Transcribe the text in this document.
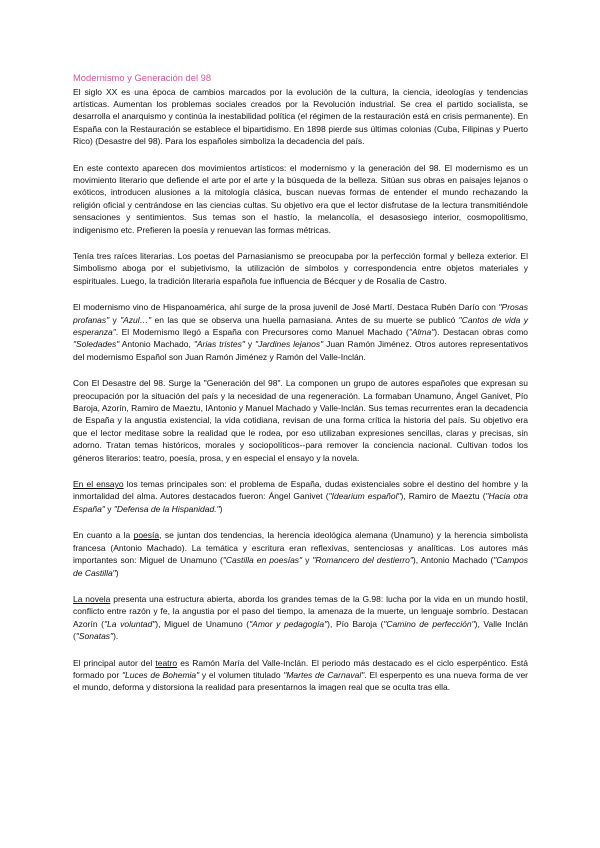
Modernismo y Generación del 98

El siglo XX es una época de cambios marcados por la evolución de la cultura, la ciencia, ideologías y tendencias artísticas. Aumentan los problemas sociales creados por la Revolución industrial. Se crea el partido socialista, se desarrolla el anarquismo y continúa la inestabilidad política (el régimen de la restauración está en crisis permanente). En España con la Restauración se establece el bipartidismo. En 1898 pierde sus últimas colonias (Cuba, Filipinas y Puerto Rico) (Desastre del 98). Para los españoles simboliza la decadencia del país.

En este contexto aparecen dos movimientos artísticos: el modernismo y la generación del 98. El modernismo es un movimiento literario que defiende el arte por el arte y la búsqueda de la belleza. Sitúan sus obras en paisajes lejanos o exóticos, introducen alusiones a la mitología clásica, buscan nuevas formas de entender el mundo rechazando la religión oficial y centrándose en las ciencias cultas. Su objetivo era que el lector disfrutase de la lectura transmitiéndole sensaciones y sentimientos. Sus temas son el hastío, la melancolía, el desasosiego interior, cosmopolitismo, indigenismo etc. Prefieren la poesía y renuevan las formas métricas.

Tenía tres raíces literarias. Los poetas del Parnasianismo se preocupaba por la perfección formal y belleza exterior. El Simbolismo aboga por el subjetivismo, la utilización de símbolos y correspondencia entre objetos materiales y espirituales. Luego, la tradición literaria española fue influencia de Bécquer y de Rosalía de Castro.

El modernismo vino de Hispanoamérica, ahí surge de la prosa juvenil de José Martí. Destaca Rubén Darío con "Prosas profanas" y "Azul…" en las que se observa una huella parnasiana. Antes de su muerte se publicó "Cantos de vida y esperanza". El Modernismo llegó a España con Precursores como Manuel Machado ("Alma"). Destacan obras como "Soledades" Antonio Machado, "Arias tristes" y "Jardines lejanos" Juan Ramón Jiménez. Otros autores representativos del modernismo Español son Juan Ramón Jiménez y Ramón del Valle-Inclán.

Con El Desastre del 98. Surge la "Generación del 98". La componen un grupo de autores españoles que expresan su preocupación por la situación del país y la necesidad de una regeneración. La formaban Unamuno, Ángel Ganivet, Pío Baroja, Azorín, Ramiro de Maeztu, IAntonio y Manuel Machado y Valle-Inclán. Sus temas recurrentes eran la decadencia de España y la angustia existencial, la vida cotidiana, revisan de una forma crítica la historia del país. Su objetivo era que el lector meditase sobre la realidad que le rodea, por eso utilizaban expresiones sencillas, claras y precisas, sin adorno. Tratan temas históricos, morales y sociopolíticos--para remover la conciencia nacional. Cultivan todos los géneros literarios: teatro, poesía, prosa, y en especial el ensayo y la novela.

En el ensayo los temas principales son: el problema de España, dudas existenciales sobre el destino del hombre y la inmortalidad del alma. Autores destacados fueron: Ángel Ganivet ("Idearium español"), Ramiro de Maeztu ("Hacia otra España" y "Defensa de la Hispanidad.")

En cuanto a la poesía, se juntan dos tendencias, la herencia ideológica alemana (Unamuno) y la herencia simbolista francesa (Antonio Machado). La temática y escritura eran reflexivas, sentenciosas y analíticas. Los autores más importantes son: Miguel de Unamuno ("Castilla en poesías" y "Romancero del destierro"), Antonio Machado ("Campos de Castilla")

La novela presenta una estructura abierta, aborda los grandes temas de la G.98: lucha por la vida en un mundo hostil, conflicto entre razón y fe, la angustia por el paso del tiempo, la amenaza de la muerte, un lenguaje sombrío. Destacan Azorín ("La voluntad"), Miguel de Unamuno ("Amor y pedagogía"), Pío Baroja ("Camino de perfección"), Valle Inclán ("Sonatas").

El principal autor del teatro es Ramón María del Valle-Inclán. El periodo más destacado es el ciclo esperpéntico. Está formado por "Luces de Bohemia" y el volumen titulado "Martes de Carnaval". El esperpento es una nueva forma de ver el mundo, deforma y distorsiona la realidad para presentarnos la imagen real que se oculta tras ella.
